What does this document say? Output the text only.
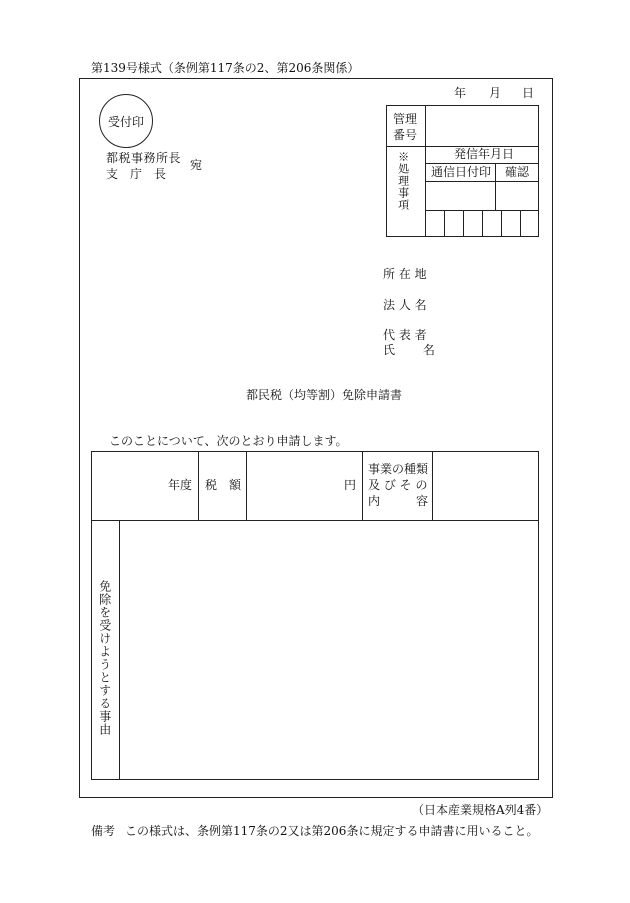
第139号様式（条例第117条の2、第206条関係）
年 月 日
受付印
都税事務所長
支　庁　長
宛
管理
番号
※処理事項	発信年月日
通信日付印 確認
所 在 地
法 人 名
代 表 者
氏　　 名
都民税（均等割）免除申請書
このことについて、次のとおり申請します。
年度 税　額	円
事業の種類
及 び そ の
内　　　容
免除を受けようとする事由
（日本産業規格A列4番）
備考 この様式は、条例第117条の2又は第206条に規定する申請書に用いること。
